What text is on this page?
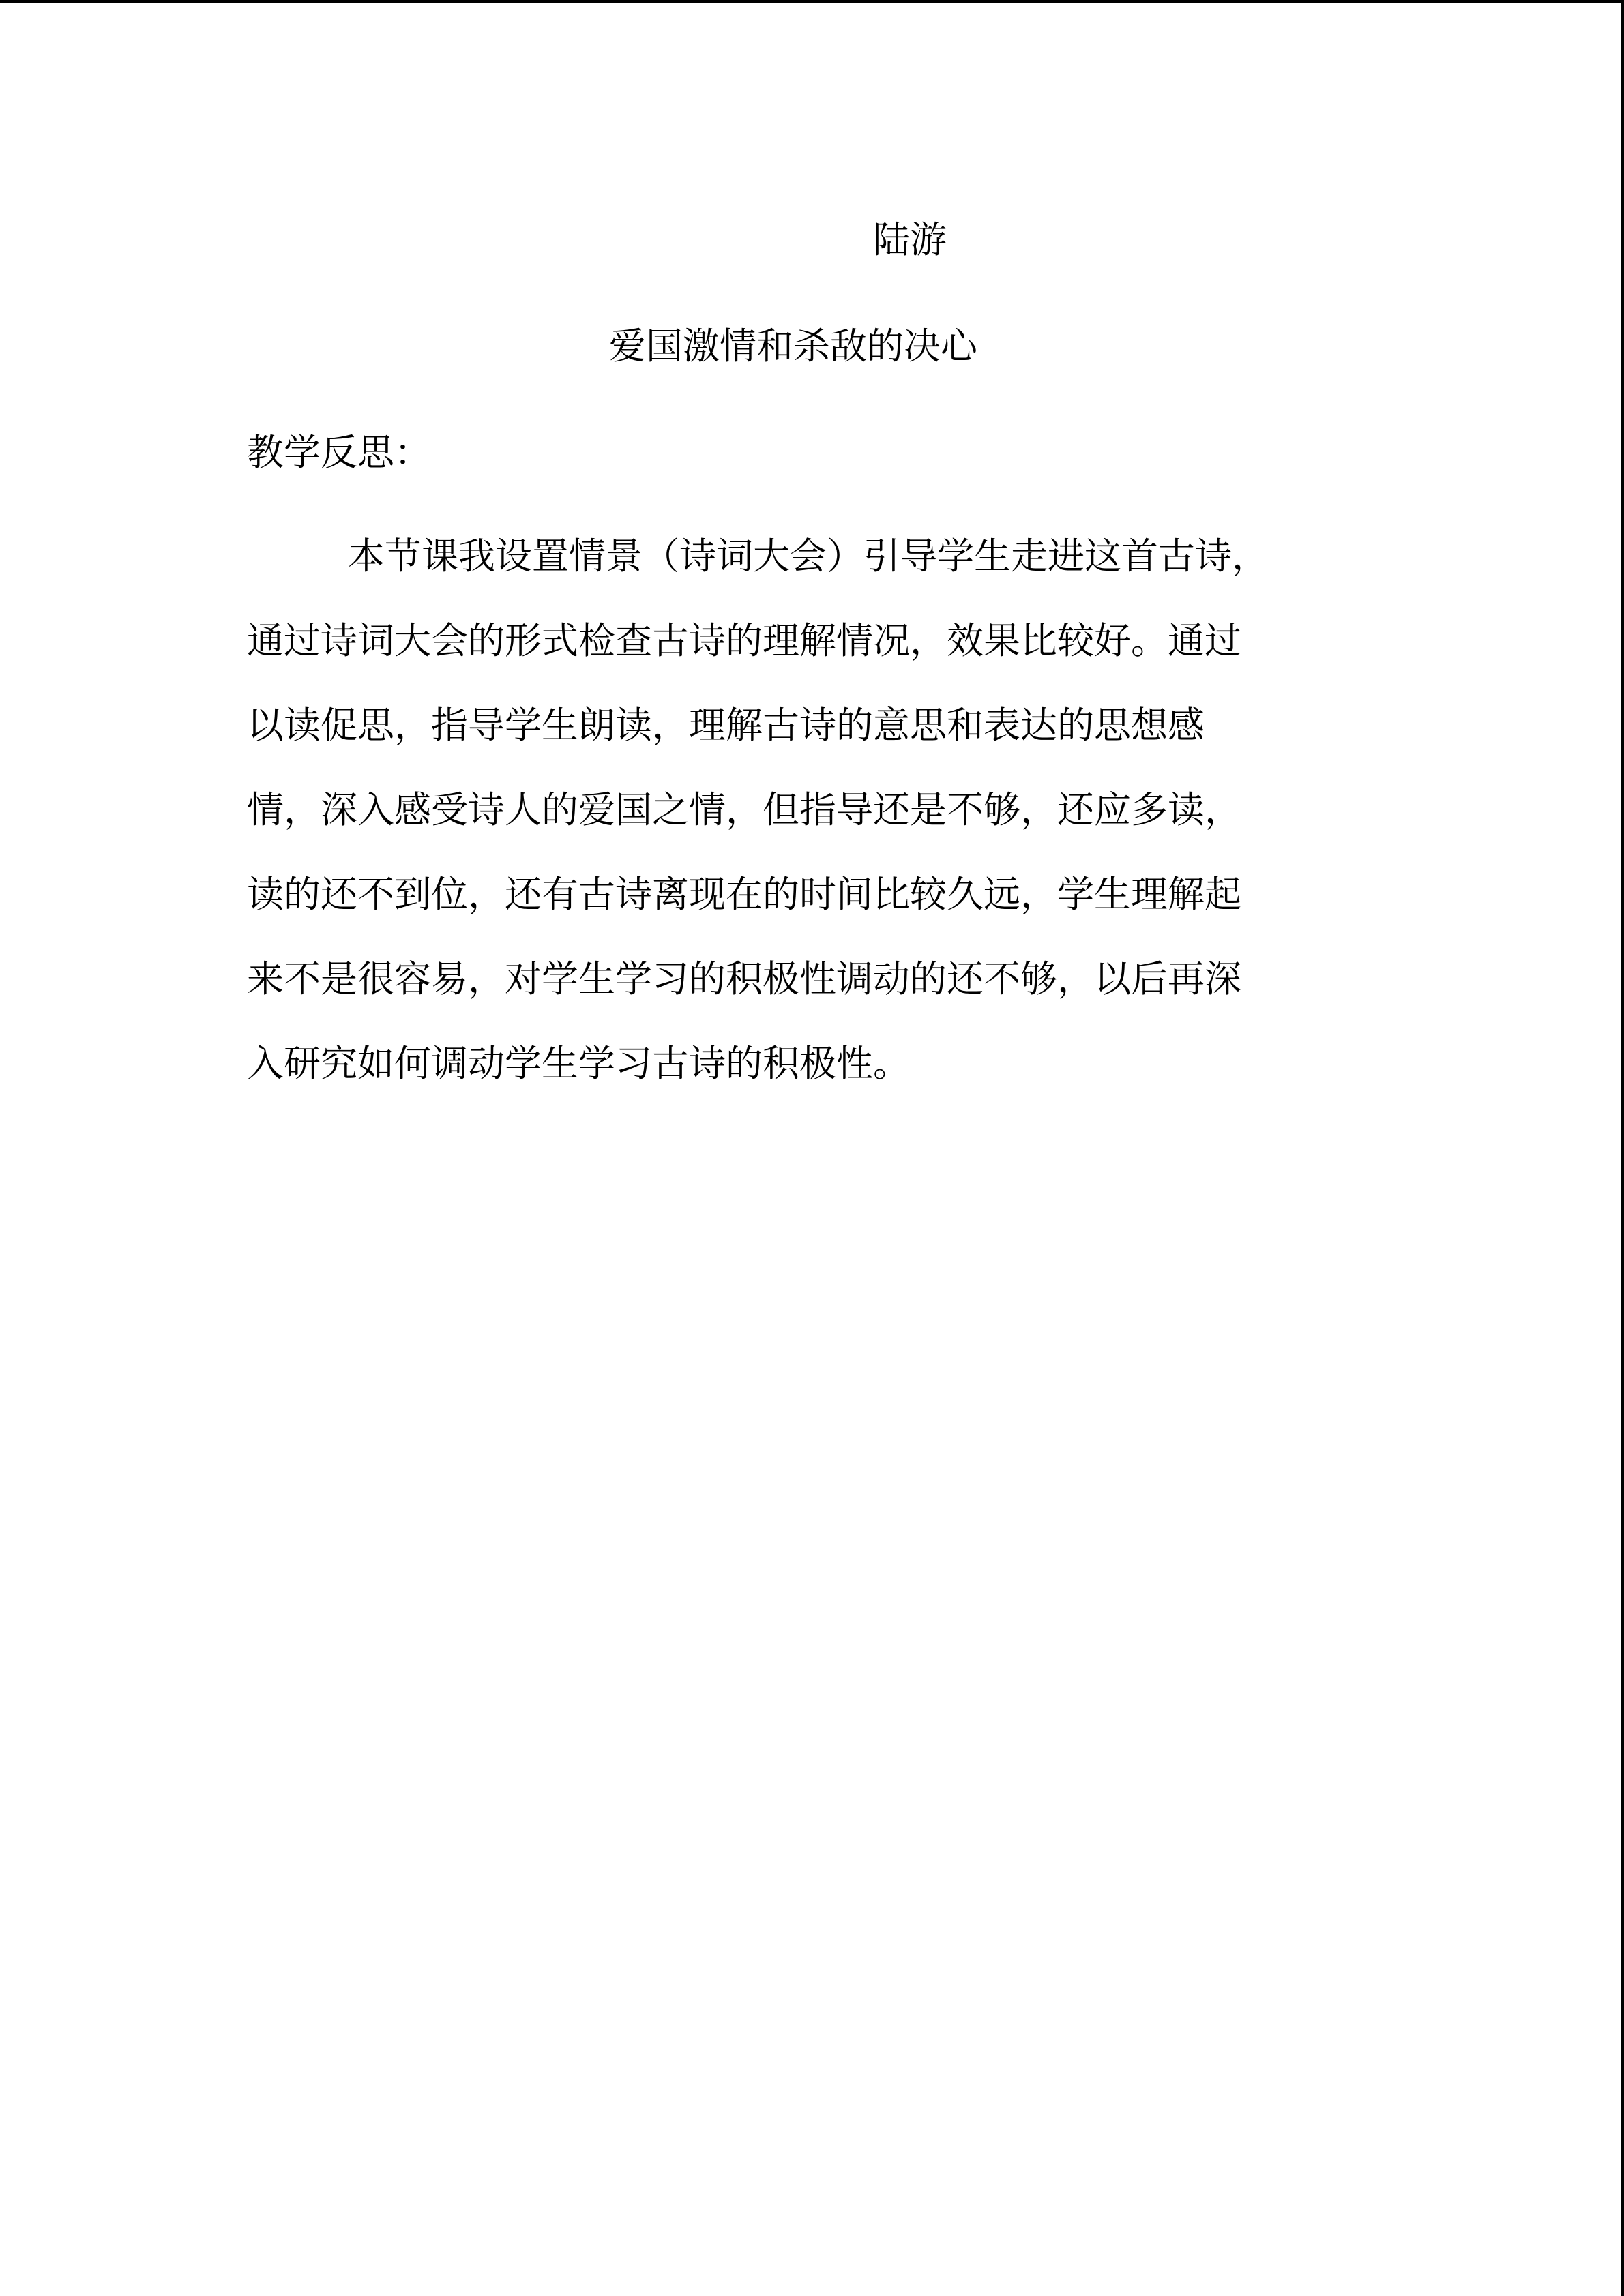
陆游
爱国激情和杀敌的决心
教学反思：
本节课我设置情景（诗词大会）引导学生走进这首古诗，
通过诗词大会的形式检查古诗的理解情况，效果比较好。通过
以读促思，指导学生朗读，理解古诗的意思和表达的思想感
情，深入感受诗人的爱国之情，但指导还是不够，还应多读，
读的还不到位，还有古诗离现在的时间比较久远，学生理解起
来不是很容易，对学生学习的积极性调动的还不够，以后再深
入研究如何调动学生学习古诗的积极性。
